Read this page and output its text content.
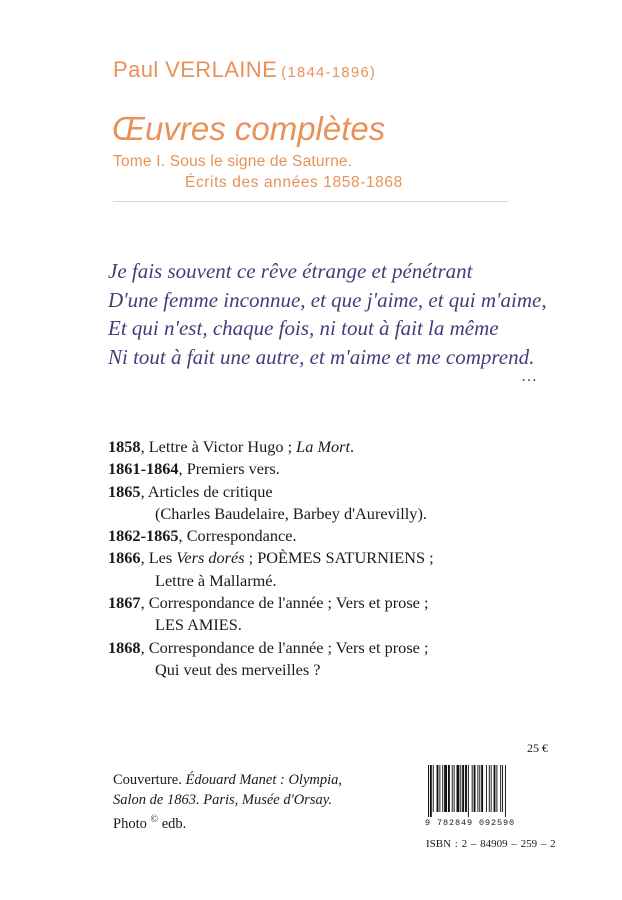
Paul VERLAINE (1844-1896)
Œuvres complètes
Tome I. Sous le signe de Saturne.
Écrits des années 1858-1868
Je fais souvent ce rêve étrange et pénétrant
D'une femme inconnue, et que j'aime, et qui m'aime,
Et qui n'est, chaque fois, ni tout à fait la même
Ni tout à fait une autre, et m'aime et me comprend.
…
1858, Lettre à Victor Hugo ; La Mort.
1861-1864, Premiers vers.
1865, Articles de critique
(Charles Baudelaire, Barbey d'Aurevilly).
1862-1865, Correspondance.
1866, Les Vers dorés ; POÈMES SATURNIENS ;
Lettre à Mallarmé.
1867, Correspondance de l'année ; Vers et prose ;
LES AMIES.
1868, Correspondance de l'année ; Vers et prose ;
Qui veut des merveilles ?
25 €
Couverture. Édouard Manet : Olympia,
Salon de 1863. Paris, Musée d'Orsay.
Photo © edb.	9 782849 092590
ISBN : 2 – 84909 – 259 – 2
